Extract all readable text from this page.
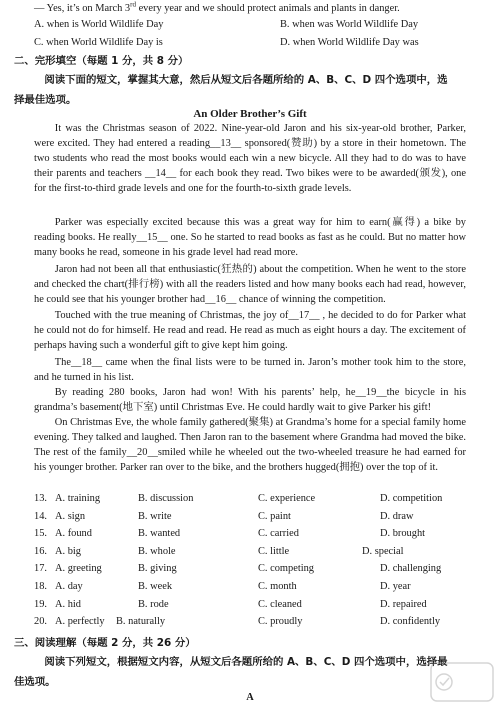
— Yes, it’s on March 3rd every year and we should protect animals and plants in danger.
A. when is World Wildlife Day	B. when was World Wildlife Day
C. when World Wildlife Day is	D. when World Wildlife Day was
二、完形填空（每题 1 分，共 8 分）
阅读下面的短文，掌握其大意，然后从短文后各题所给的 A、B、C、D 四个选项中，选
择最佳选项。
An Older Brother’s Gift
It was the Christmas season of 2022. Nine-year-old Jaron and his six-year-old brother, Parker, were excited. They had entered a reading__13__ sponsored(赞助) by a store in their hometown. The two students who read the most books would each win a new bicycle. All they had to do was to have their parents and teachers __14__ for each book they read. Two bikes were to be awarded(颁发), one for the first-to-third grade levels and one for the fourth-to-sixth grade levels.
Parker was especially excited because this was a great way for him to earn(赢得) a bike by reading books. He really__15__ one. So he started to read books as fast as he could. But no matter how many books he read, someone in his grade level had read more.
Jaron had not been all that enthusiastic(狂热的) about the competition. When he went to the store and checked the chart(排行榜) with all the readers listed and how many books each had read, however, he could see that his younger brother had__16__ chance of winning the competition.
Touched with the true meaning of Christmas, the joy of__17__ , he decided to do for Parker what he could not do for himself. He read and read. He read as much as eight hours a day. The excitement of perhaps having such a wonderful gift to give kept him going.
The__18__ came when the final lists were to be turned in. Jaron’s mother took him to the store, and he turned in his list.
By reading 280 books, Jaron had won! With his parents’ help, he__19__the bicycle in his grandma’s basement(地下室) until Christmas Eve. He could hardly wait to give Parker his gift!
On Christmas Eve, the whole family gathered(聚集) at Grandma’s home for a special family home evening. They talked and laughed. Then Jaron ran to the basement where Grandma had moved the bike. The rest of the family__20__smiled while he wheeled out the two-wheeled treasure he had earned for his younger brother. Parker ran over to the bike, and the brothers hugged(拥抱) over the top of it.
13. A. training	B. discussion	C. experience	D. competition
14. A. sign	B. write	C. paint	D. draw
15. A. found	B. wanted	C. carried	D. brought
16. A. big	B. whole	C. little	D. special
17. A. greeting	B. giving	C. competing	D. challenging
18. A. day	B. week	C. month	D. year
19. A. hid	B. rode	C. cleaned	D. repaired
20. A. perfectly B. naturally	C. proudly	D. confidently
三、阅读理解（每题 2 分，共 26 分）
阅读下列短文，根据短文内容，从短文后各题所给的 A、B、C、D 四个选项中，选择最
佳选项。
A
